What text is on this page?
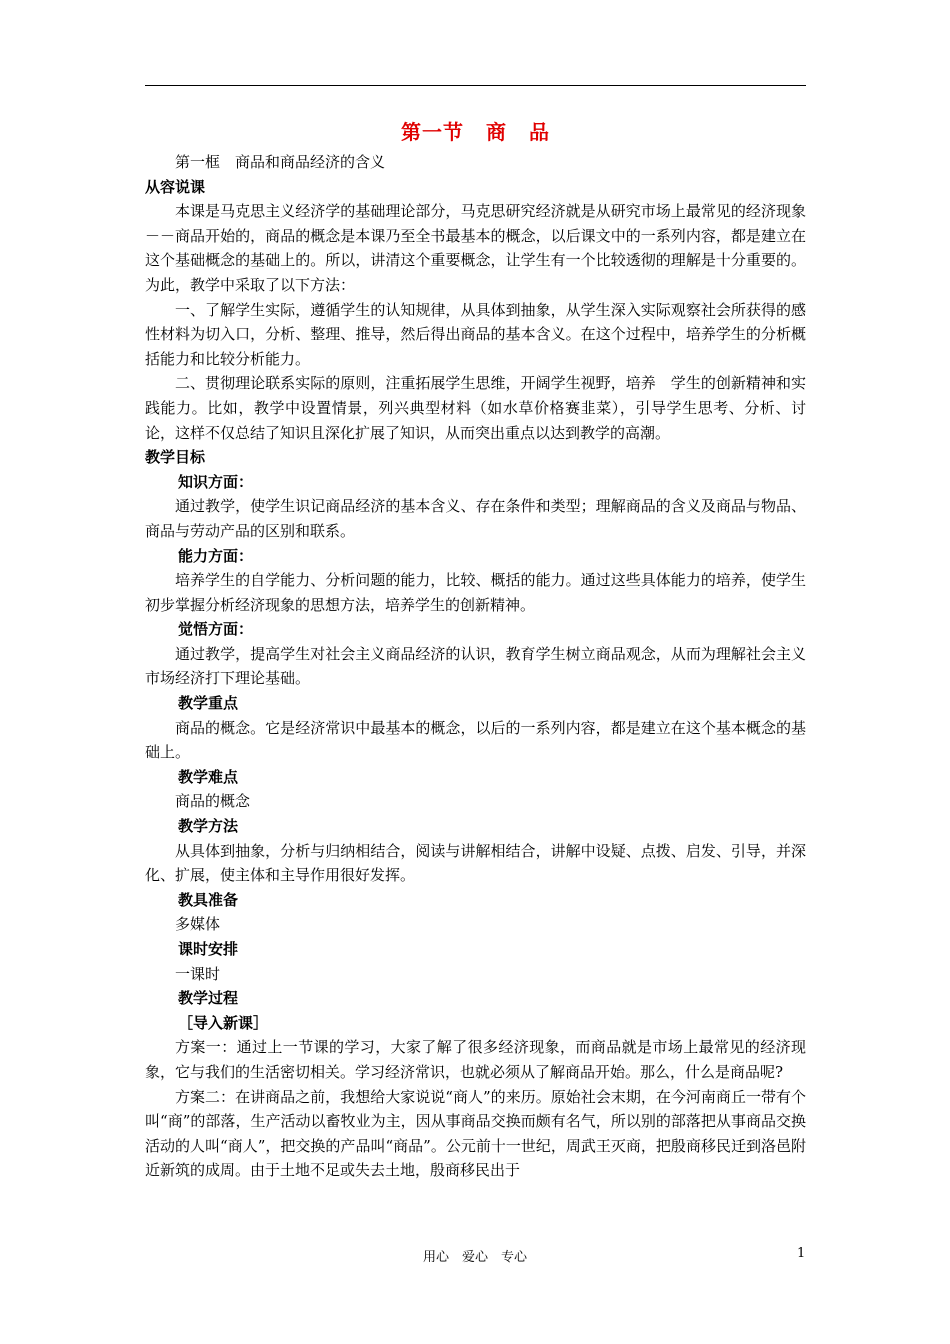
第一节 商 品

第一框　商品和商品经济的含义

从容说课

本课是马克思主义经济学的基础理论部分，马克思研究经济就是从研究市场上最常见的经济现象－－商品开始的，商品的概念是本课乃至全书最基本的概念，以后课文中的一系列内容，都是建立在这个基础概念的基础上的。所以，讲清这个重要概念，让学生有一个比较透彻的理解是十分重要的。为此，教学中采取了以下方法：

一、了解学生实际，遵循学生的认知规律，从具体到抽象，从学生深入实际观察社会所获得的感性材料为切入口，分析、整理、推导，然后得出商品的基本含义。在这个过程中，培养学生的分析概括能力和比较分析能力。

二、贯彻理论联系实际的原则，注重拓展学生思维，开阔学生视野，培养　学生的创新精神和实践能力。比如，教学中设置情景，列兴典型材料（如水草价格赛韭菜），引导学生思考、分析、讨论，这样不仅总结了知识且深化扩展了知识，从而突出重点以达到教学的高潮。

教学目标

知识方面：

通过教学，使学生识记商品经济的基本含义、存在条件和类型；理解商品的含义及商品与物品、商品与劳动产品的区别和联系。

能力方面：

培养学生的自学能力、分析问题的能力，比较、概括的能力。通过这些具体能力的培养，使学生初步掌握分析经济现象的思想方法，培养学生的创新精神。

觉悟方面：

通过教学，提高学生对社会主义商品经济的认识，教育学生树立商品观念，从而为理解社会主义市场经济打下理论基础。

教学重点

商品的概念。它是经济常识中最基本的概念，以后的一系列内容，都是建立在这个基本概念的基础上。

教学难点

商品的概念

教学方法

从具体到抽象，分析与归纳相结合，阅读与讲解相结合，讲解中设疑、点拨、启发、引导，并深化、扩展，使主体和主导作用很好发挥。

教具准备

多媒体

课时安排

一课时

教学过程

［导入新课］

方案一：通过上一节课的学习，大家了解了很多经济现象，而商品就是市场上最常见的经济现象，它与我们的生活密切相关。学习经济常识，也就必须从了解商品开始。那么，什么是商品呢?

方案二：在讲商品之前，我想给大家说说“商人”的来历。原始社会末期，在今河南商丘一带有个叫“商”的部落，生产活动以畜牧业为主，因从事商品交换而颇有名气，所以别的部落把从事商品交换活动的人叫“商人”，把交换的产品叫“商品”。公元前十一世纪，周武王灭商，把殷商移民迁到洛邑附近新筑的成周。由于土地不足或失去土地，殷商移民出于

用心　爱心　专心	1
